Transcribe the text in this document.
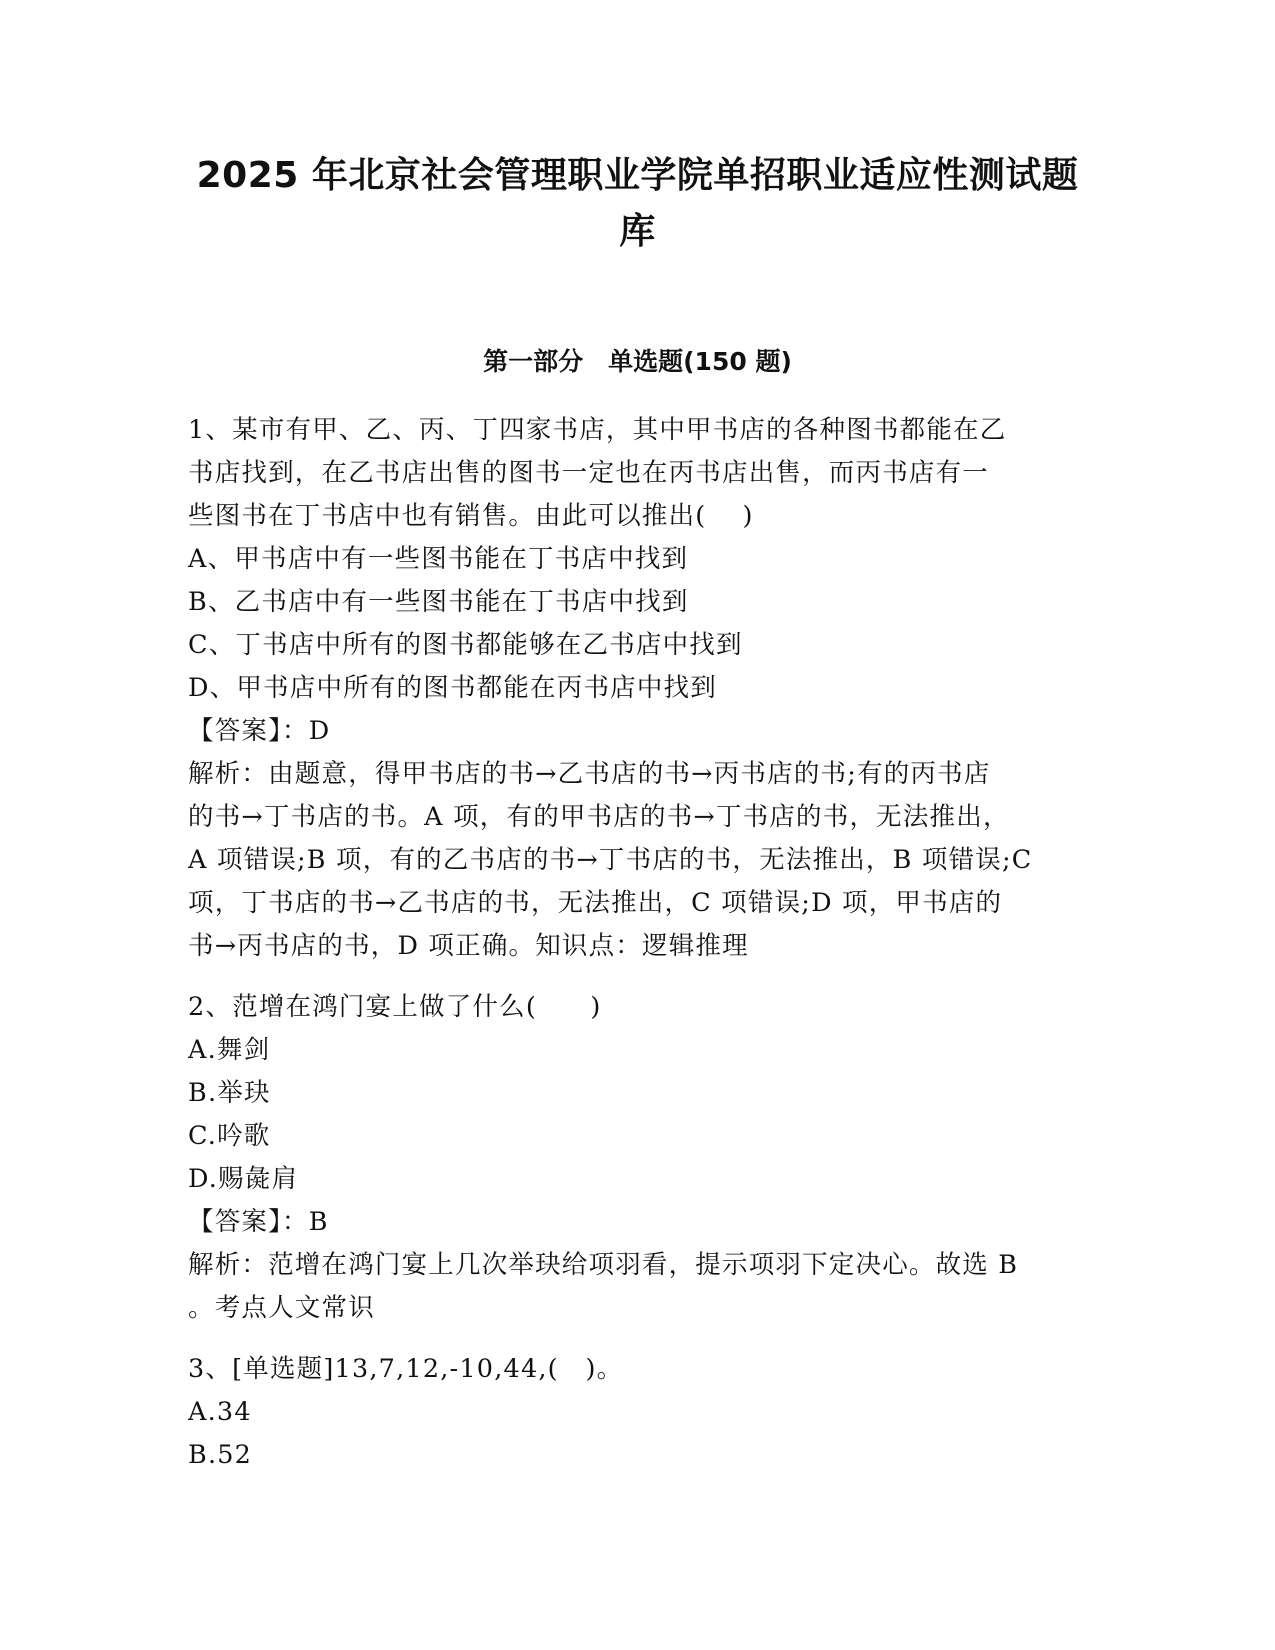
2025 年北京社会管理职业学院单招职业适应性测试题
库
第一部分　单选题(150 题)
1、某市有甲、乙、丙、丁四家书店，其中甲书店的各种图书都能在乙
书店找到，在乙书店出售的图书一定也在丙书店出售，而丙书店有一
些图书在丁书店中也有销售。由此可以推出(　 )
A、甲书店中有一些图书能在丁书店中找到
B、乙书店中有一些图书能在丁书店中找到
C、丁书店中所有的图书都能够在乙书店中找到
D、甲书店中所有的图书都能在丙书店中找到
【答案】：D
解析：由题意，得甲书店的书→乙书店的书→丙书店的书;有的丙书店
的书→丁书店的书。A 项，有的甲书店的书→丁书店的书，无法推出，
A 项错误;B 项，有的乙书店的书→丁书店的书，无法推出，B 项错误;C
项，丁书店的书→乙书店的书，无法推出，C 项错误;D 项，甲书店的
书→丙书店的书，D 项正确。知识点：逻辑推理
2、范增在鸿门宴上做了什么(　　)
A.舞剑
B.举玦
C.吟歌
D.赐彘肩
【答案】：B
解析：范增在鸿门宴上几次举玦给项羽看，提示项羽下定决心。故选 B
。考点人文常识
3、[单选题]13,7,12,-10,44,(　)。
A.34
B.52
